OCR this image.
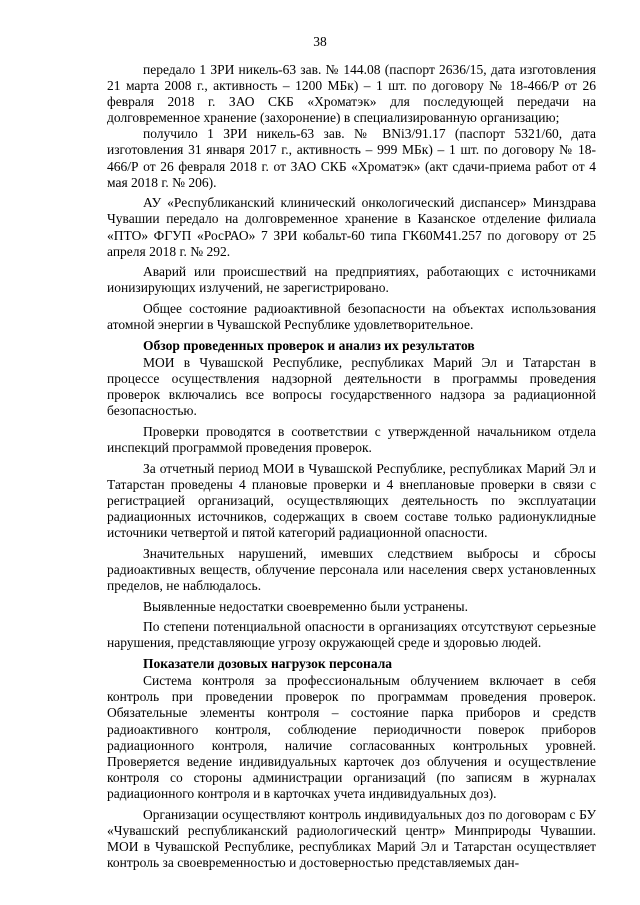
38

передало 1 ЗРИ никель-63 зав. № 144.08 (паспорт 2636/15, дата изготовления 21 марта 2008 г., активность – 1200 МБк) – 1 шт. по договору № 18-466/Р от 26 февраля 2018 г. ЗАО СКБ «Хроматэк» для последующей передачи на долговременное хранение (захоронение) в специализированную организацию;

получило 1 ЗРИ никель-63 зав. № BNi3/91.17 (паспорт 5321/60, дата изготовления 31 января 2017 г., активность – 999 МБк) – 1 шт. по договору № 18-466/Р от 26 февраля 2018 г. от ЗАО СКБ «Хроматэк» (акт сдачи-приема работ от 4 мая 2018 г. № 206).

АУ «Республиканский клинический онкологический диспансер» Минздрава Чувашии передало на долговременное хранение в Казанское отделение филиала «ПТО» ФГУП «РосРАО» 7 ЗРИ кобальт-60 типа ГК60М41.257 по договору от 25 апреля 2018 г. № 292.

Аварий или происшествий на предприятиях, работающих с источниками ионизирующих излучений, не зарегистрировано.

Общее состояние радиоактивной безопасности на объектах использования атомной энергии в Чувашской Республике удовлетворительное.

Обзор проведенных проверок и анализ их результатов

МОИ в Чувашской Республике, республиках Марий Эл и Татарстан в процессе осуществления надзорной деятельности в программы проведения проверок включались все вопросы государственного надзора за радиационной безопасностью.

Проверки проводятся в соответствии с утвержденной начальником отдела инспекций программой проведения проверок.

За отчетный период МОИ в Чувашской Республике, республиках Марий Эл и Татарстан проведены 4 плановые проверки и 4 внеплановые проверки в связи с регистрацией организаций, осуществляющих деятельность по эксплуатации радиационных источников, содержащих в своем составе только радионуклидные источники четвертой и пятой категорий радиационной опасности.

Значительных нарушений, имевших следствием выбросы и сбросы радиоактивных веществ, облучение персонала или населения сверх установленных пределов, не наблюдалось.

Выявленные недостатки своевременно были устранены.

По степени потенциальной опасности в организациях отсутствуют серьезные нарушения, представляющие угрозу окружающей среде и здоровью людей.

Показатели дозовых нагрузок персонала

Система контроля за профессиональным облучением включает в себя контроль при проведении проверок по программам проведения проверок. Обязательные элементы контроля – состояние парка приборов и средств радиоактивного контроля, соблюдение периодичности поверок приборов радиационного контроля, наличие согласованных контрольных уровней. Проверяется ведение индивидуальных карточек доз облучения и осуществление контроля со стороны администрации организаций (по записям в журналах радиационного контроля и в карточках учета индивидуальных доз).

Организации осуществляют контроль индивидуальных доз по договорам с БУ «Чувашский республиканский радиологический центр» Минприроды Чувашии. МОИ в Чувашской Республике, республиках Марий Эл и Татарстан осуществляет контроль за своевременностью и достоверностью представляемых дан-
